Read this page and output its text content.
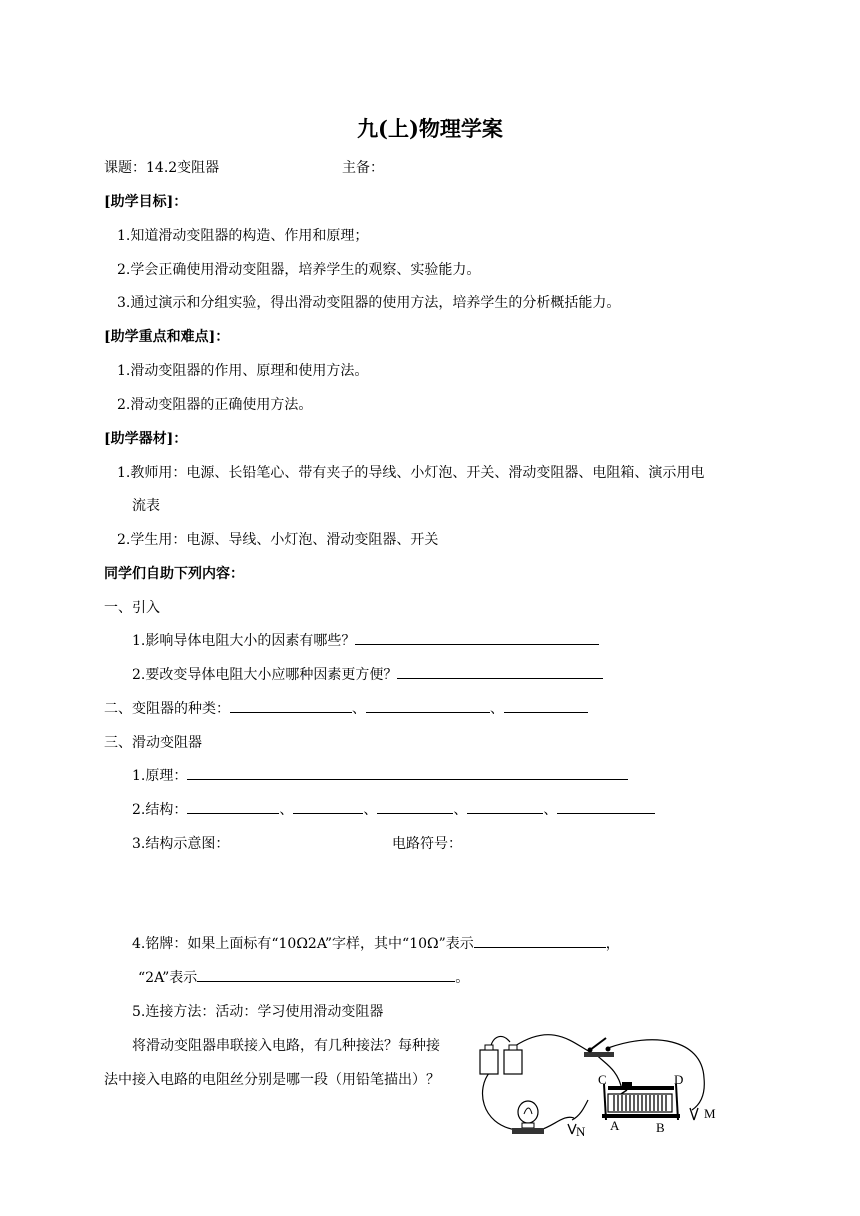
九(上)物理学案
课题：14.2变阻器	主备：
[助学目标]：
1.知道滑动变阻器的构造、作用和原理；
2.学会正确使用滑动变阻器，培养学生的观察、实验能力。
3.通过演示和分组实验，得出滑动变阻器的使用方法，培养学生的分析概括能力。
[助学重点和难点]：
1.滑动变阻器的作用、原理和使用方法。
2.滑动变阻器的正确使用方法。
[助学器材]：
1.教师用：电源、长铅笔心、带有夹子的导线、小灯泡、开关、滑动变阻器、电阻箱、演示用电
流表
2.学生用：电源、导线、小灯泡、滑动变阻器、开关
同学们自助下列内容：
一、引入
1.影响导体电阻大小的因素有哪些？
2.要改变导体电阻大小应哪种因素更方便？
二、变阻器的种类：	、	、
三、滑动变阻器
1.原理：
2.结构：	、	、	、	、
3.结构示意图：	电路符号：
4.铭牌：如果上面标有“10Ω2A”字样，其中“10Ω”表示	，
“2A”表示	。
5.连接方法：活动：学习使用滑动变阻器
将滑动变阻器串联接入电路，有几种接法？每种接
法中接入电路的电阻丝分别是哪一段（用铅笔描出）？	C	D
A	B
M
N
